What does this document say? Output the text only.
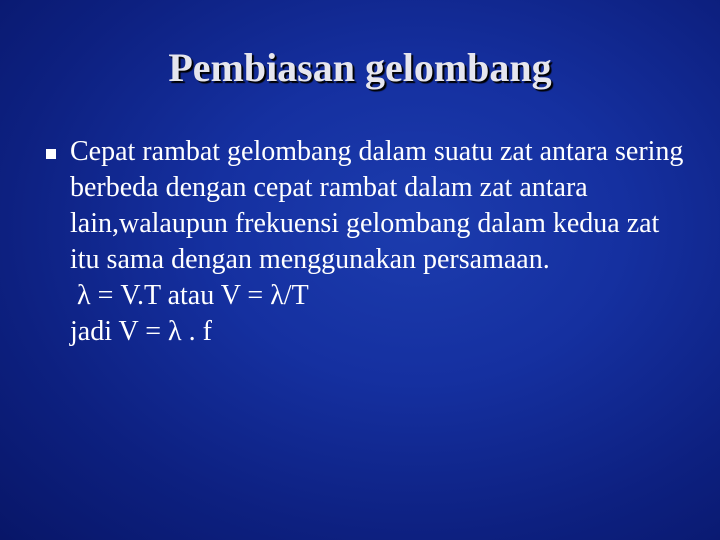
Pembiasan gelombang
Cepat rambat gelombang dalam suatu zat antara sering berbeda dengan cepat rambat dalam zat antara lain,walaupun frekuensi gelombang dalam kedua zat itu sama dengan menggunakan persamaan.
λ = V.T atau V = λ/T
jadi V = λ . f
